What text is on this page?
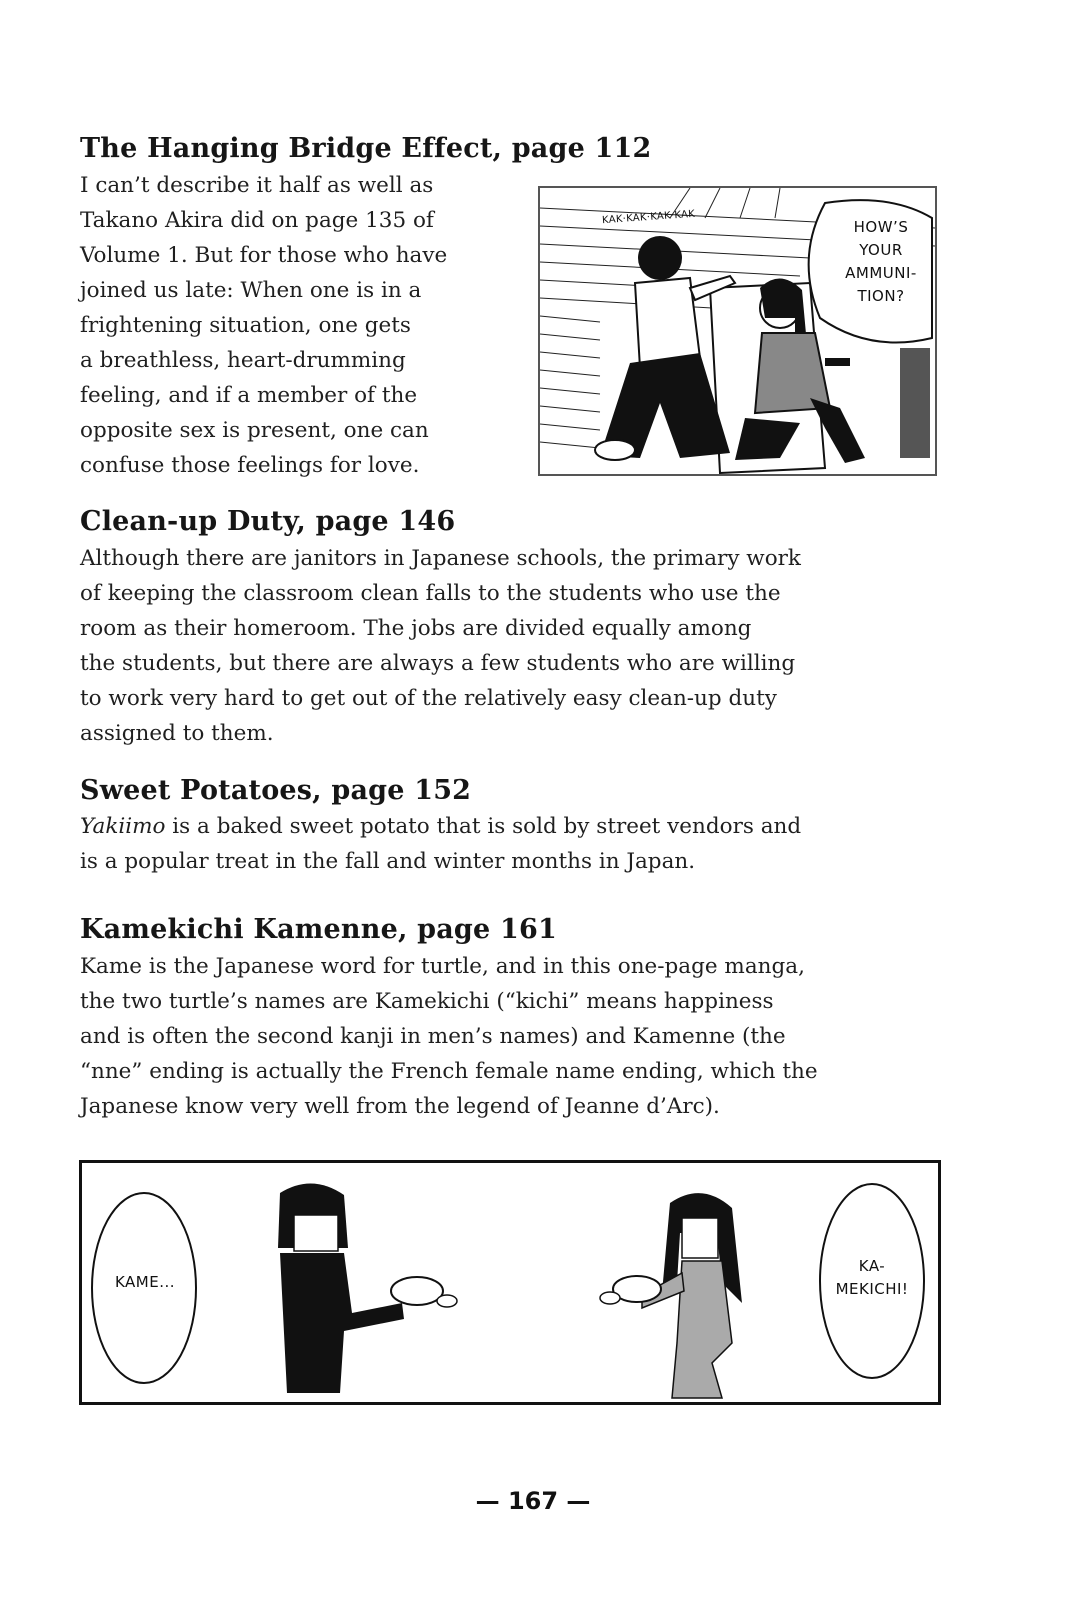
The Hanging Bridge Effect, page 112

I can’t describe it half as well as
Takano Akira did on page 135 of
Volume 1. But for those who have
joined us late: When one is in a
frightening situation, one gets
a breathless, heart-drumming
feeling, and if a member of the
opposite sex is present, one can
confuse those feelings for love.

KAK·KAK·KAK·KAK
HOW’S
YOUR
AMMUNI-
TION?
Clean-up Duty, page 146

Although there are janitors in Japanese schools, the primary work
of keeping the classroom clean falls to the students who use the
room as their homeroom. The jobs are divided equally among
the students, but there are always a few students who are willing
to work very hard to get out of the relatively easy clean-up duty
assigned to them.

Sweet Potatoes, page 152

Yakiimo is a baked sweet potato that is sold by street vendors and
is a popular treat in the fall and winter months in Japan.

Kamekichi Kamenne, page 161

Kame is the Japanese word for turtle, and in this one-page manga,
the two turtle’s names are Kamekichi (“kichi” means happiness
and is often the second kanji in men’s names) and Kamenne (the
“nne” ending is actually the French female name ending, which the
Japanese know very well from the legend of Jeanne d’Arc).

KAME...
KA-
MEKICHI!
— 167 —
